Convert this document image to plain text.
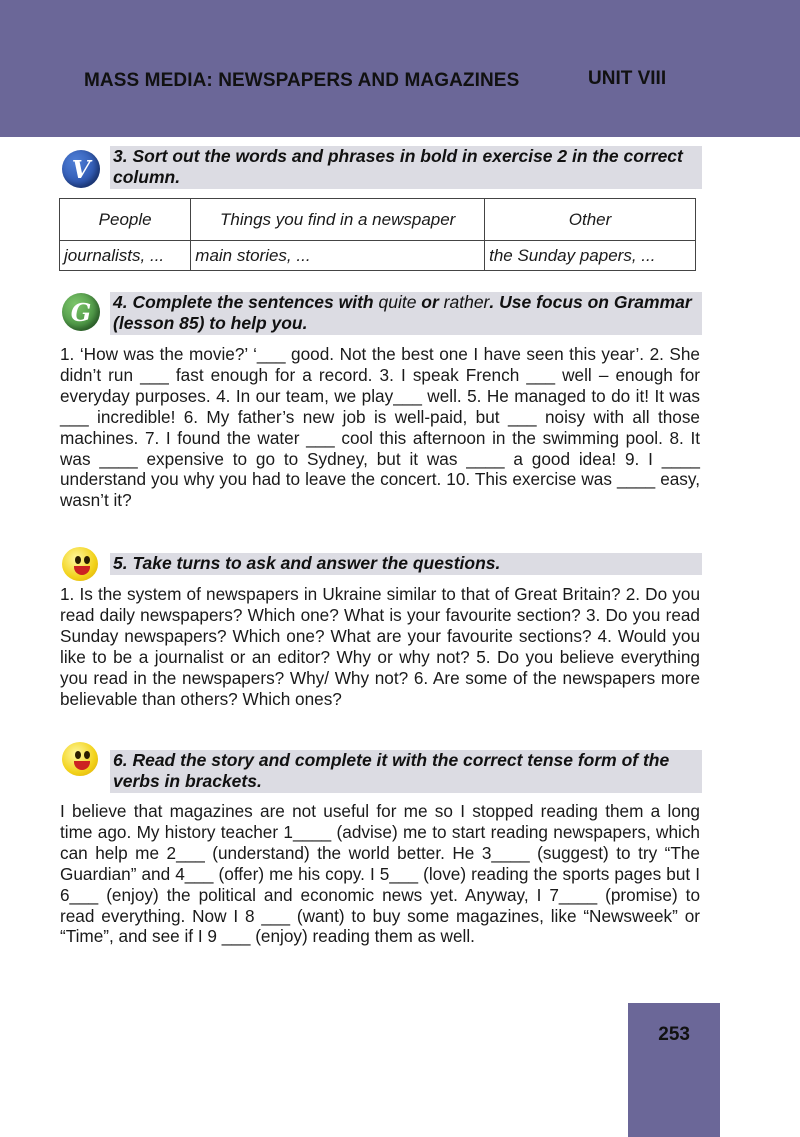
MASS MEDIA: NEWSPAPERS AND MAGAZINES	UNIT VIII
V	3. Sort out the words and phrases in bold in exercise 2 in the correct column.
People	Things you find in a newspaper	Other
journalists, ...	main stories, ...	the Sunday papers, ...
G	4. Complete the sentences with quite or rather. Use focus on Grammar (lesson 85) to help you.

1. ‘How was the movie?’ ‘___ good. Not the best one I have seen this year’. 2. She didn’t run ___ fast enough for a record. 3. I speak French ___ well – enough for everyday purposes. 4. In our team, we play___ well. 5. He managed to do it! It was ___ incredible! 6. My father’s new job is well-paid, but ___ noisy with all those machines. 7. I found the water ___ cool this afternoon in the swimming pool. 8. It was ____ expensive to go to Sydney, but it was ____ a good idea! 9. I ____ understand you why you had to leave the concert. 10. This exercise was ____ easy, wasn’t it?

5. Take turns to ask and answer the questions.

1. Is the system of newspapers in Ukraine similar to that of Great Britain? 2. Do you read daily newspapers? Which one? What is your favourite section? 3. Do you read Sunday newspapers? Which one? What are your favourite sections? 4. Would you like to be a journalist or an editor? Why or why not? 5. Do you believe everything you read in the newspapers? Why/ Why not? 6. Are some of the newspapers more believable than others? Which ones?

6. Read the story and complete it with the correct tense form of the verbs in brackets.

I believe that magazines are not useful for me so I stopped reading them a long time ago. My history teacher 1____ (advise) me to start reading newspapers, which can help me 2___ (understand) the world better. He 3____ (suggest) to try “The Guardian” and 4___ (offer) me his copy. I 5___ (love) reading the sports pages but I 6___ (enjoy) the political and economic news yet. Anyway, I 7____ (promise) to read everything. Now I 8 ___ (want) to buy some magazines, like “Newsweek” or “Time”, and see if I 9 ___ (enjoy) reading them as well.

253
